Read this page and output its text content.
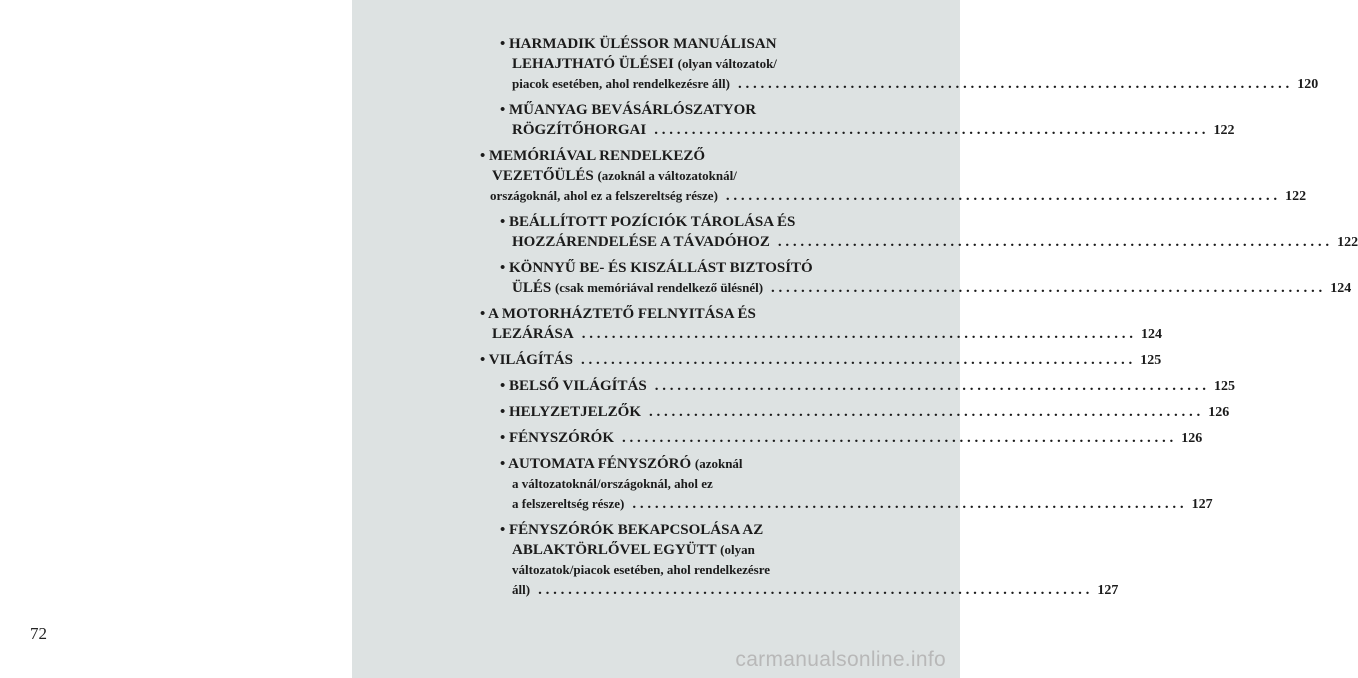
72
• HARMADIK ÜLÉSSOR MANUÁLISAN
LEHAJTHATÓ ÜLÉSEI (olyan változatok/
piacok esetében, ahol rendelkezésre áll) . . .	120
• MŰANYAG BEVÁSÁRLÓSZATYOR
RÖGZÍTŐHORGAI . . .	122
• MEMÓRIÁVAL RENDELKEZŐ
VEZETŐÜLÉS (azoknál a változatoknál/
országoknál, ahol ez a felszereltség része) . . .	122
• BEÁLLÍTOTT POZÍCIÓK TÁROLÁSA ÉS
HOZZÁRENDELÉSE A TÁVADÓHOZ . . .	122
• KÖNNYŰ BE- ÉS KISZÁLLÁST BIZTOSÍTÓ
ÜLÉS (csak memóriával rendelkező ülésnél) . . .	124
• A MOTORHÁZTETŐ FELNYITÁSA ÉS
LEZÁRÁSA . . .	124
• VILÁGÍTÁS . . .	125
• BELSŐ VILÁGÍTÁS . . .	125
• HELYZETJELZŐK . . .	126
• FÉNYSZÓRÓK . . .	126
• AUTOMATA FÉNYSZÓRÓ (azoknál
a változatoknál/országoknál, ahol ez
a felszereltség része) . . .	127
• FÉNYSZÓRÓK BEKAPCSOLÁSA AZ
ABLAKTÖRLŐVEL EGYÜTT (olyan
változatok/piacok esetében, ahol rendelkezésre
áll) . . .	127
carmanualsonline.info
